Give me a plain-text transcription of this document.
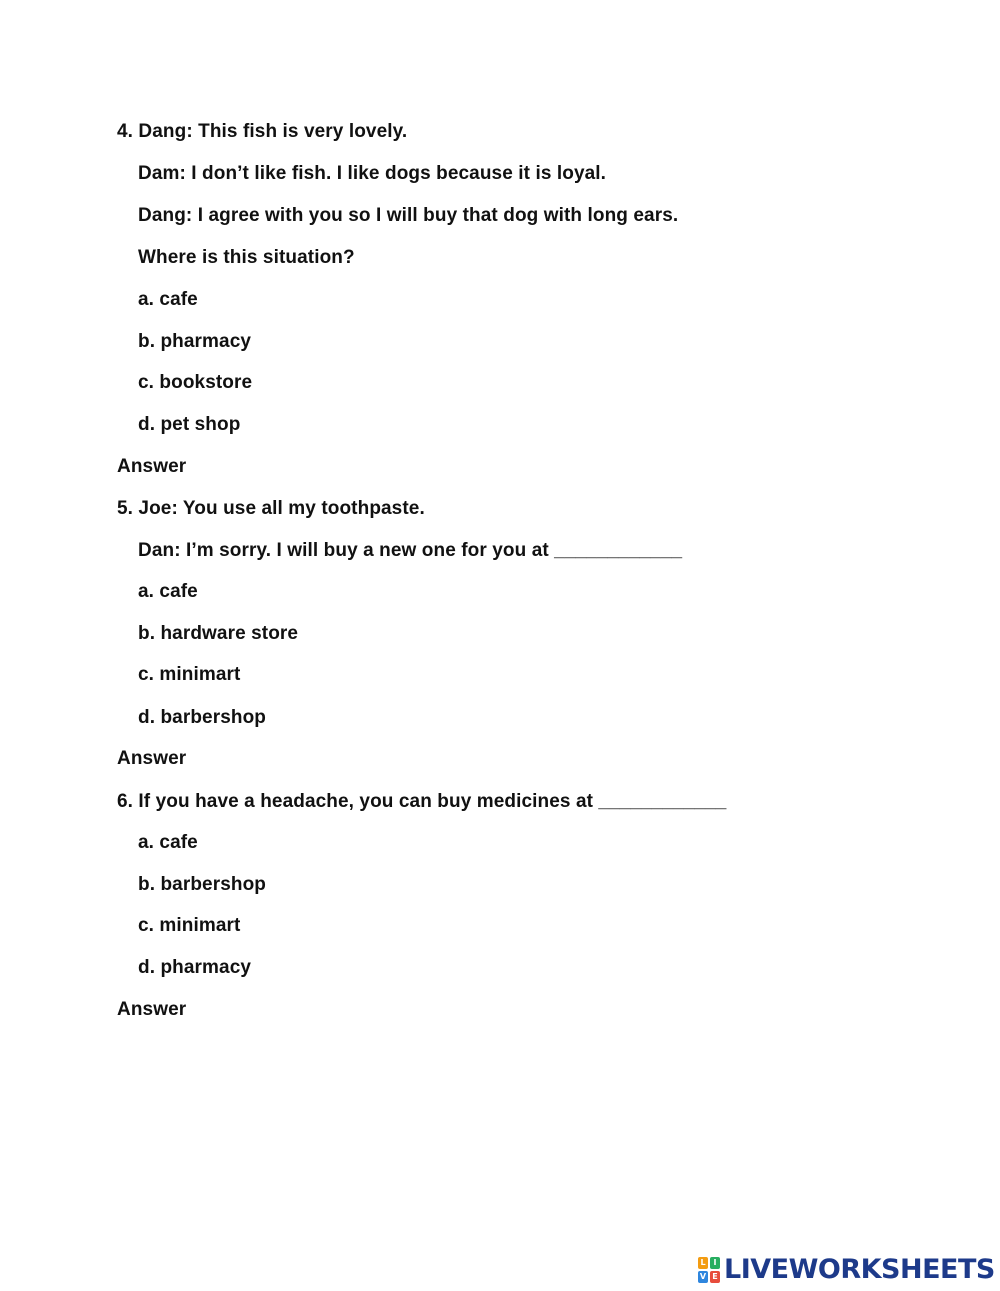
4. Dang: This fish is very lovely.
Dam: I don’t like fish. I like dogs because it is loyal.
Dang: I agree with you so I will buy that dog with long ears.
Where is this situation?
a. cafe
b. pharmacy
c. bookstore
d. pet shop
Answer
5. Joe: You use all my toothpaste.
Dan: I’m sorry. I will buy a new one for you at ____________
a. cafe
b. hardware store
c. minimart
d. barbershop
Answer
6. If you have a headache, you can buy medicines at ____________
a. cafe
b. barbershop
c. minimart
d. pharmacy
Answer
L I
V E LIVEWORKSHEETS
